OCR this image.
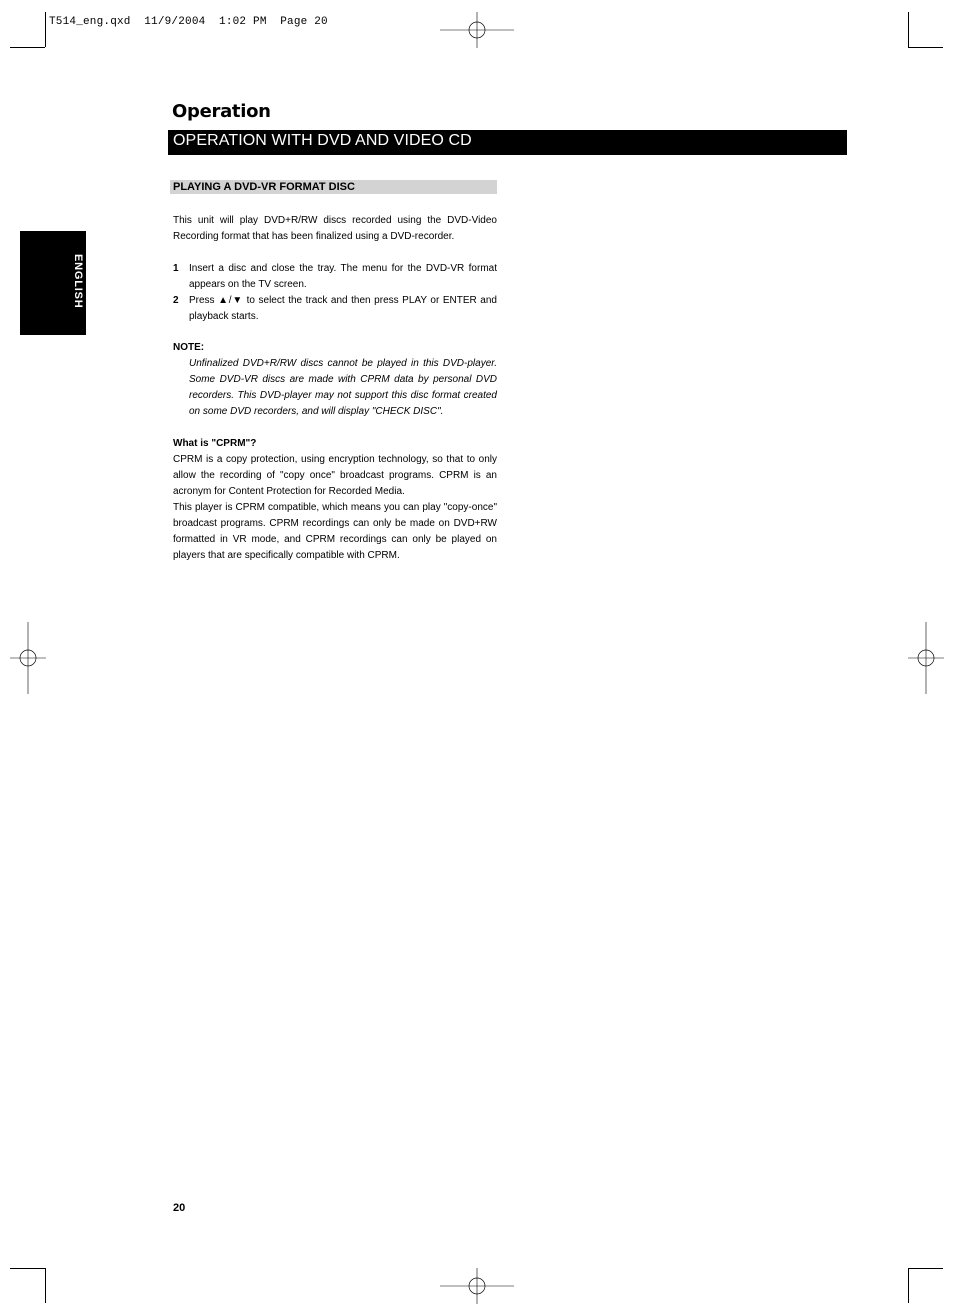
T514_eng.qxd  11/9/2004  1:02 PM  Page 20
Operation
OPERATION WITH DVD AND VIDEO CD
ENGLISH
PLAYING A DVD-VR FORMAT DISC
This unit will play DVD+R/RW discs recorded using the DVD-Video Recording format that has been finalized using a DVD-recorder.
1 Insert a disc and close the tray. The menu for the DVD-VR format appears on the TV screen.
2 Press ▲/▼ to select the track and then press PLAY or ENTER and playback starts.
NOTE:
Unfinalized DVD+R/RW discs cannot be played in this DVD-player. Some DVD-VR discs are made with CPRM data by personal DVD recorders. This DVD-player may not support this disc format created on some DVD recorders, and will display "CHECK DISC".
What is "CPRM"?
CPRM is a copy protection, using encryption technology, so that to only allow the recording of "copy once" broadcast programs. CPRM is an acronym for Content Protection for Recorded Media.
This player is CPRM compatible, which means you can play "copy-once" broadcast programs. CPRM recordings can only be made on DVD+RW formatted in VR mode, and CPRM recordings can only be played on players that are specifically compatible with CPRM.
20
